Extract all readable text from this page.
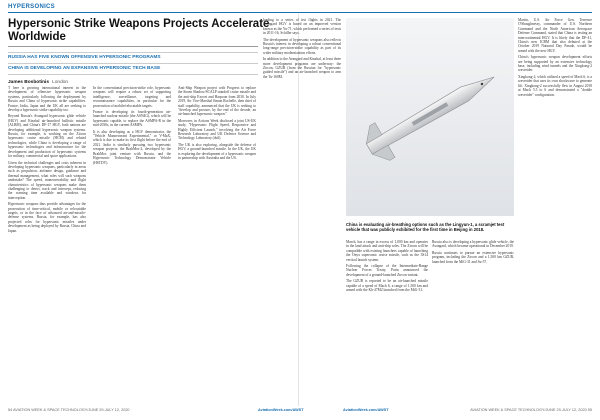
HYPERSONICS
Hypersonic Strike Weapons Projects Accelerate Worldwide
RUSSIA HAS FIVE KNOWN OFFENSIVE HYPERSONIC PROGRAMS
CHINA IS DEVELOPING AN EXPANSIVE HYPERSONIC TECH BASE
James Bosbotinis London

T here is growing international interest in the development of offensive hypersonic weapon systems, particularly following the deployment by Russia and China of hypersonic strike capabilities. France, India, Japan and the UK all are seeking to develop a hypersonic strike capability too.

Beyond Russia's Avangard hypersonic glide vehicle (HGV) and Kinzhal air-launched ballistic missile (ALBM), and China's DF-17 HGV, both nations are developing additional hypersonic weapon systems. Russia, for example, is working on the Zircon hypersonic cruise missile (HCM) and related technologies, while China is developing a range of hypersonic technologies and infrastructure for the development and production of hypersonic systems for military, commercial and space applications.

Given the technical challenges and costs inherent in developing hypersonic weapons, particularly in areas such as propulsion, airframe design, guidance and thermal management, what roles will such weapons undertake? The speed, maneuverability and flight characteristics of hypersonic weapons make them challenging to detect, track and intercept, reducing the warning time available and windows for interception.

Hypersonic weapons thus provide advantages for the prosecution of time-critical, mobile or relocatable targets, or in the face of advanced air-and-missile-defense systems. Russia, for example, has also projected roles for hypersonic missiles under development as being deployed by Russia, China and Japan.

In the conventional precision-strike role, hypersonic weapons will require a robust set of supporting intelligence, surveillance, targeting and reconnaissance capabilities, in particular for the prosecution of mobile/relocatable targets.

France is developing its fourth-generation air-launched nuclear missile (the ASN4G), which will be hypersonic capable, to replace the ASMPA-R in the mid-2030s, in the current ASMPA.

It is also developing as a HGV demonstrator, the "Vehicle Manoeuvrant Experimental," or V-MaX, which is due to make its first flight before the end of 2021. India is similarly pursuing two hypersonic weapon projects: the BrahMos-2, developed by the BrahMos joint venture with Russia, and the Hypersonic Technology Demonstrator Vehicle (HSTDV).

Anti-Ship Weapon project with Progress to replace the Storm Shadow/SCALP standoff cruise missile and the anti-ship Exocet and Harpoon from 2030. In July 2019, Air Vice-Marshal Simon Rochelle, then chief of staff capability, announced that the UK is seeking to "develop and procure, by the end of the decade, an air-launched hypersonic weapon."

Moreover, in Actions Week disclosed a joint US-UK study, "Hypersonic Flight Speed, Responsive and Highly Efficient Launch," involving the Air Force Research Laboratory and UK Defence Science and Technology Laboratory (dstl).

The UK is also exploring, alongside the defense of HGV, a ground-launched missile. In the UK, the UK is exploring the development of a hypersonic weapon in partnership with Australia and the US.

loading to a series of test flights in 2021. The Avangard HGV is based on an improved version known as the Yu-71, which performed a series of tests in 2011-16, Schiller says.

The development of hypersonic weapons also reflects Russia's interest in developing a robust conventional long-range precision-strike capability as part of its wider military modernization efforts.

In addition to the Avangard and Kinzhal, at least three more development programs are underway: the Zircon, GZUR (from the Russian for "hypersonic guided missile") and an air-launched weapon to arm the Tu-160M.

China is evaluating air-breathing options such as the Lingyun-1, a scramjet test vehicle that was publicly exhibited for the first time in Beijing in 2018.

March, has a range in excess of 1,000 km and operates in the land attack and anti-ship roles. The Zircon will be compatible with existing launchers capable of launching the Onyx supersonic cruise missile, such as the 3S14 vertical launch system.

Following the collapse of the Intermediate-Range Nuclear Forces Treaty, Putin announced the development of a ground-launched Zircon variant.

The GZUR is reported to be an air-launched missile capable of a speed of Mach 6, a range of 1,500 km and armed with the Kh-47M2 launched from the MiG-31.

Russia also is developing a hypersonic glide vehicle, the Avangard, which became operational in December 2019.

Russia continues to pursue an extensive hypersonic program, including the Zircon and a 1,500 km GZUR, launched from the MiG-31 and Su-57.

Martin, U.S. Air Force Gen. Terrence O'Shaughnessy, commander of U.S. Northern Command and the North American Aerospace Defense Command, stated that China is testing an intercontinental HGV. It is likely that the DF-41, China's new ICBM that also debuted at the October 2019 National Day Parade, would be armed with the new HGV.

China's hypersonic weapon development efforts are being supported by an extensive technology base, including wind tunnels and the Xingkong-2 waverider.

Xingkong-2, which utilized a speed of Mach 6, is a waverider that uses its own shockwave to generate lift. Xingkong-2 successfully flew in August 2018 at Mach 5.5 to 6 and demonstrated a "double waverider" configuration.

54 AVIATION WEEK & SPACE TECHNOLOGY/JUNE 29-JULY 12, 2020	AviationWeek.com/AWST	AviationWeek.com/AWST	AVIATION WEEK & SPACE TECHNOLOGY/JUNE 29-JULY 12, 2020 55
